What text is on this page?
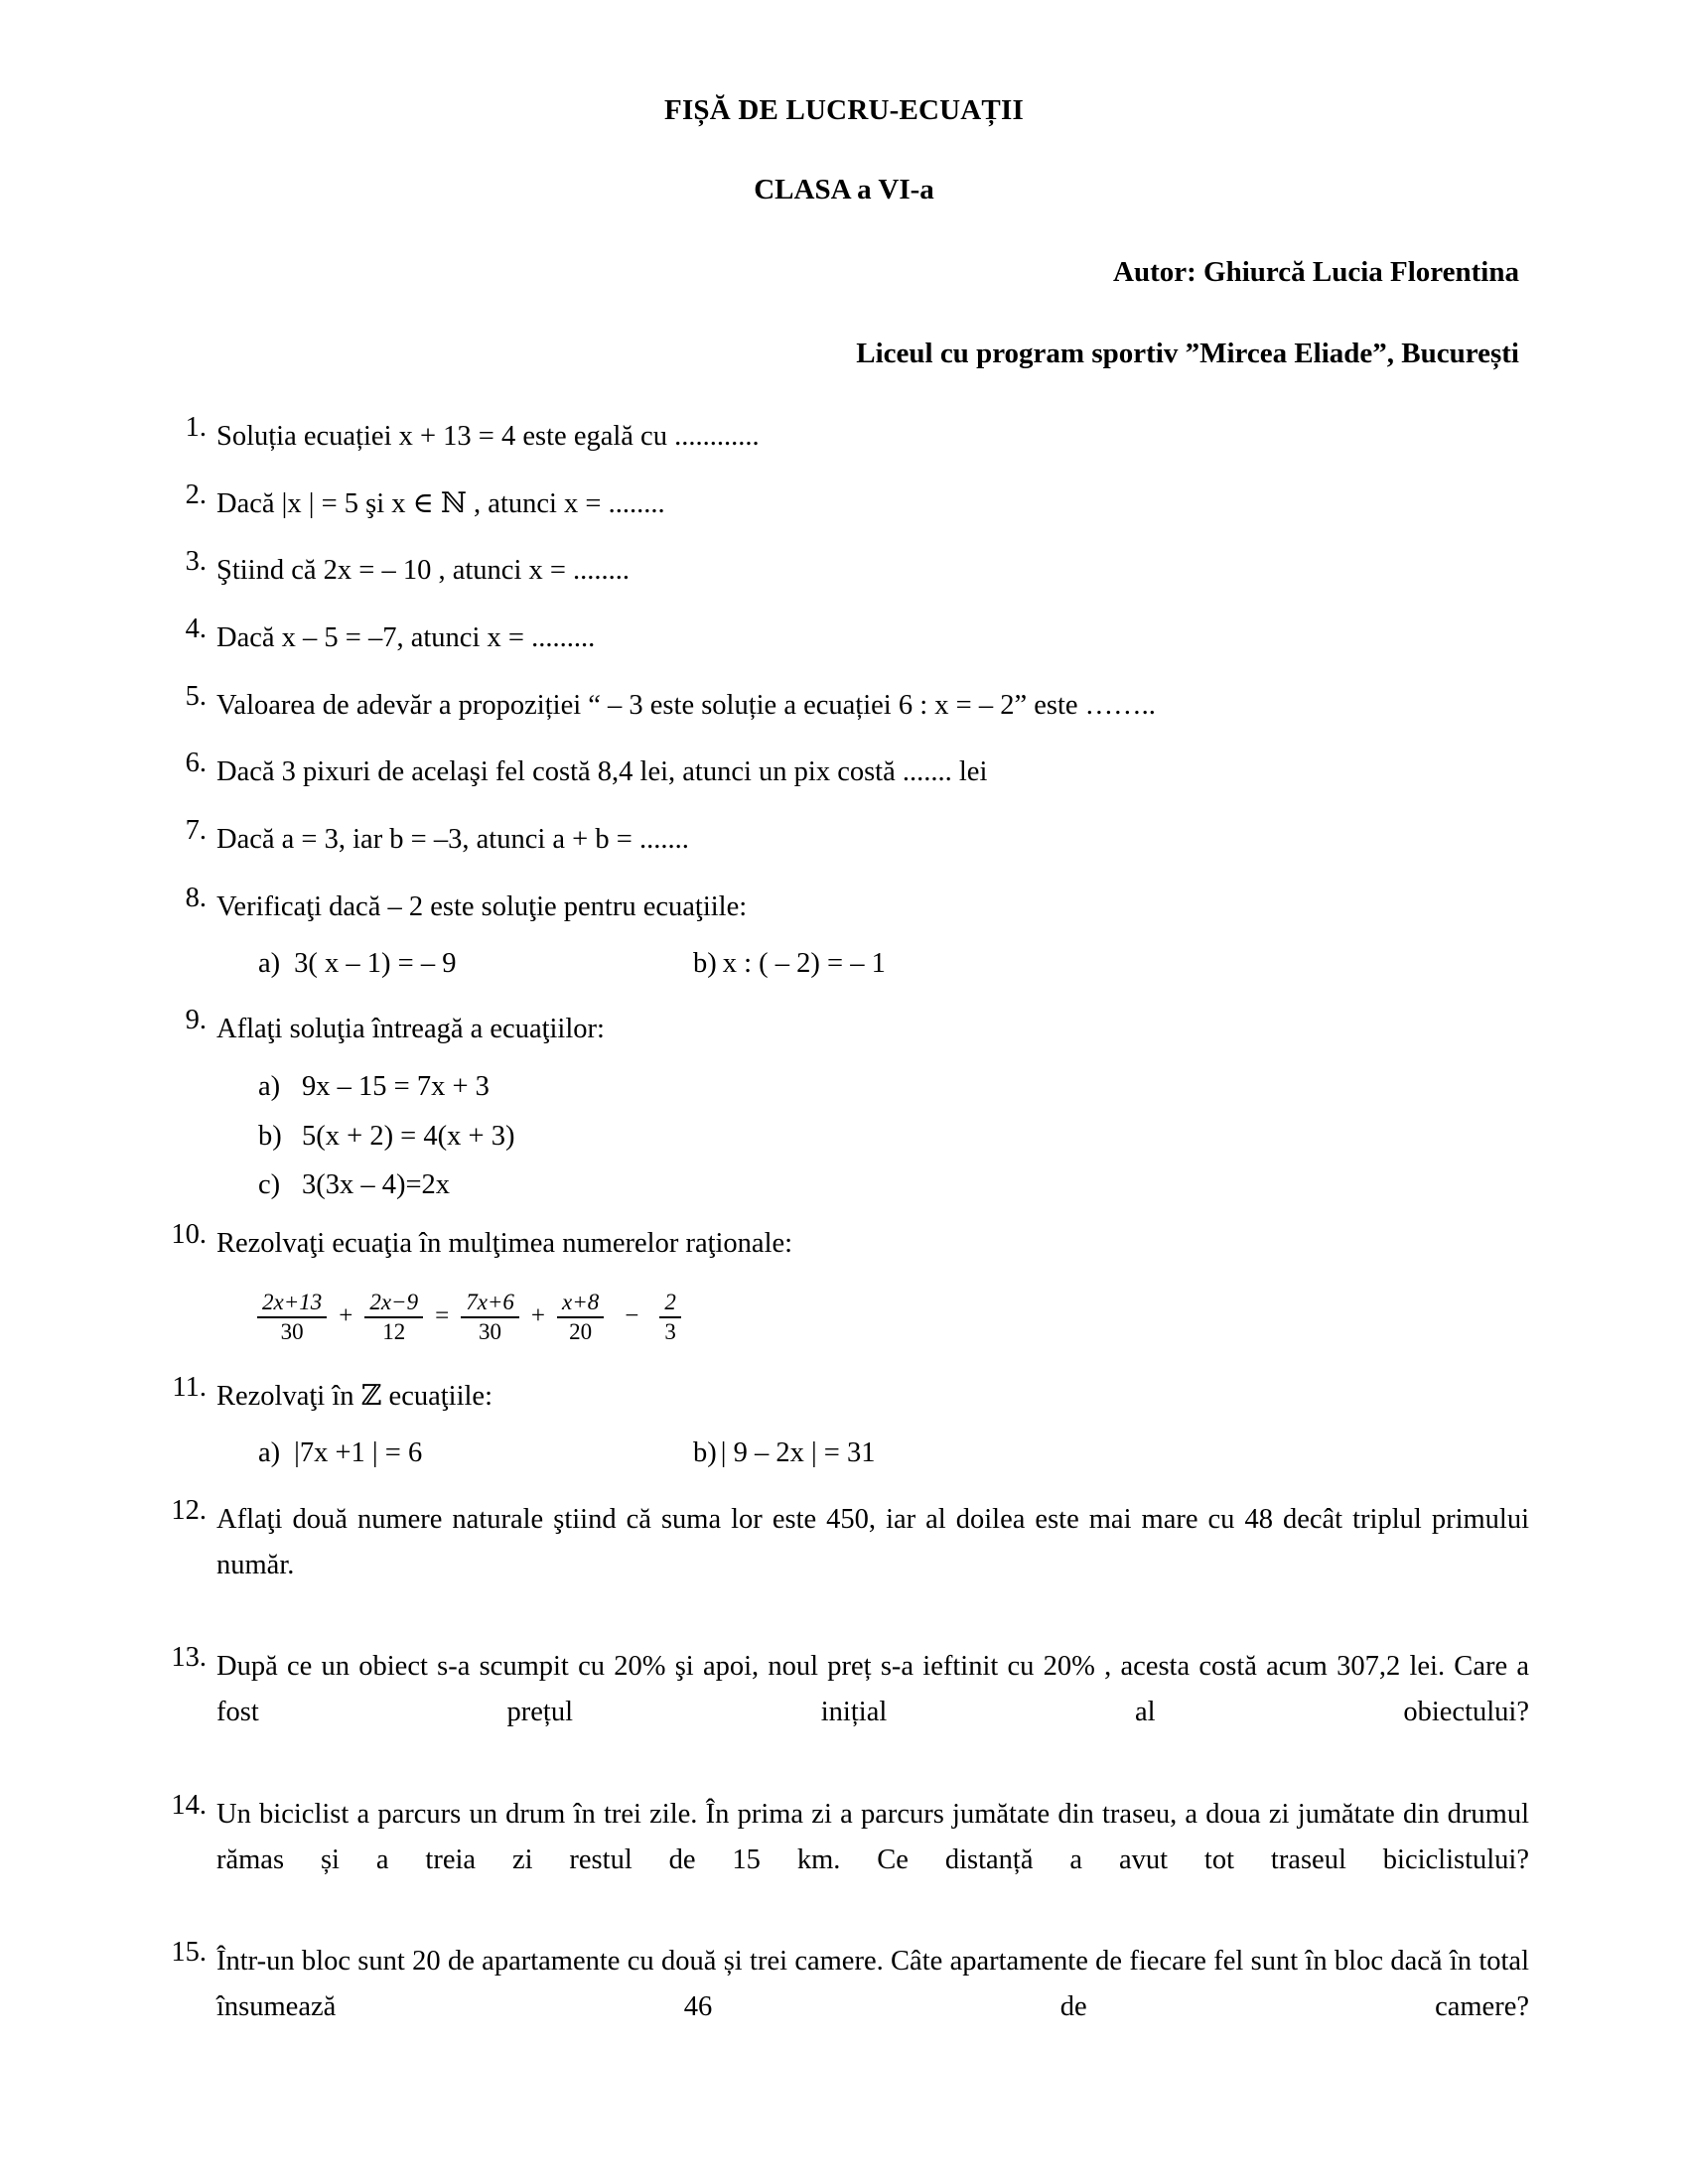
FIȘĂ DE LUCRU-ECUAȚII
CLASA a VI-a
Autor: Ghiurcă Lucia Florentina
Liceul cu program sportiv ”Mircea Eliade”, București
1. Soluția ecuației x + 13 = 4 este egală cu ............

2. Dacă |x | = 5 şi x ∈ ℕ , atunci x = ........

3. Ştiind că 2x = – 10 , atunci x = ........

4. Dacă x – 5 = –7, atunci x = .........

5. Valoarea de adevăr a propoziției “ – 3 este soluție a ecuației 6 : x = – 2” este ……..

6. Dacă 3 pixuri de acelaşi fel costă 8,4 lei, atunci un pix costă ....... lei

7. Dacă a = 3, iar b = –3, atunci a + b = .......

8. Verificaţi dacă – 2 este soluţie pentru ecuaţiile:

a) 3( x – 1) = – 9	b) x : ( – 2) = – 1
9. Aflaţi soluţia întreagă a ecuaţiilor:

a) 9x – 15 = 7x + 3
b) 5(x + 2) = 4(x + 3)
c) 3(3x – 4)=2x
10. Rezolvaţi ecuaţia în mulţimea numerelor raţionale:

$\frac{2x+13}{30} + \frac{2x-9}{12} = \frac{7x+6}{30} + \frac{x+8}{20} - \frac{2}{3}$
11. Rezolvaţi în ℤ ecuaţiile:

a) |7x +1 | = 6	b) | 9 – 2x | = 31
12. Aflaţi două numere naturale ştiind că suma lor este 450, iar al doilea este mai mare cu 48 decât triplul primului număr.

13. După ce un obiect s-a scumpit cu 20% şi apoi, noul preț s-a ieftinit cu 20% , acesta costă acum 307,2 lei. Care a fost prețul inițial al obiectului?

14. Un biciclist a parcurs un drum în trei zile. În prima zi a parcurs jumătate din traseu, a doua zi jumătate din drumul rămas și a treia zi restul de 15 km. Ce distanță a avut tot traseul biciclistului?

15. Într-un bloc sunt 20 de apartamente cu două și trei camere. Câte apartamente de fiecare fel sunt în bloc dacă în total însumează 46 de camere?
